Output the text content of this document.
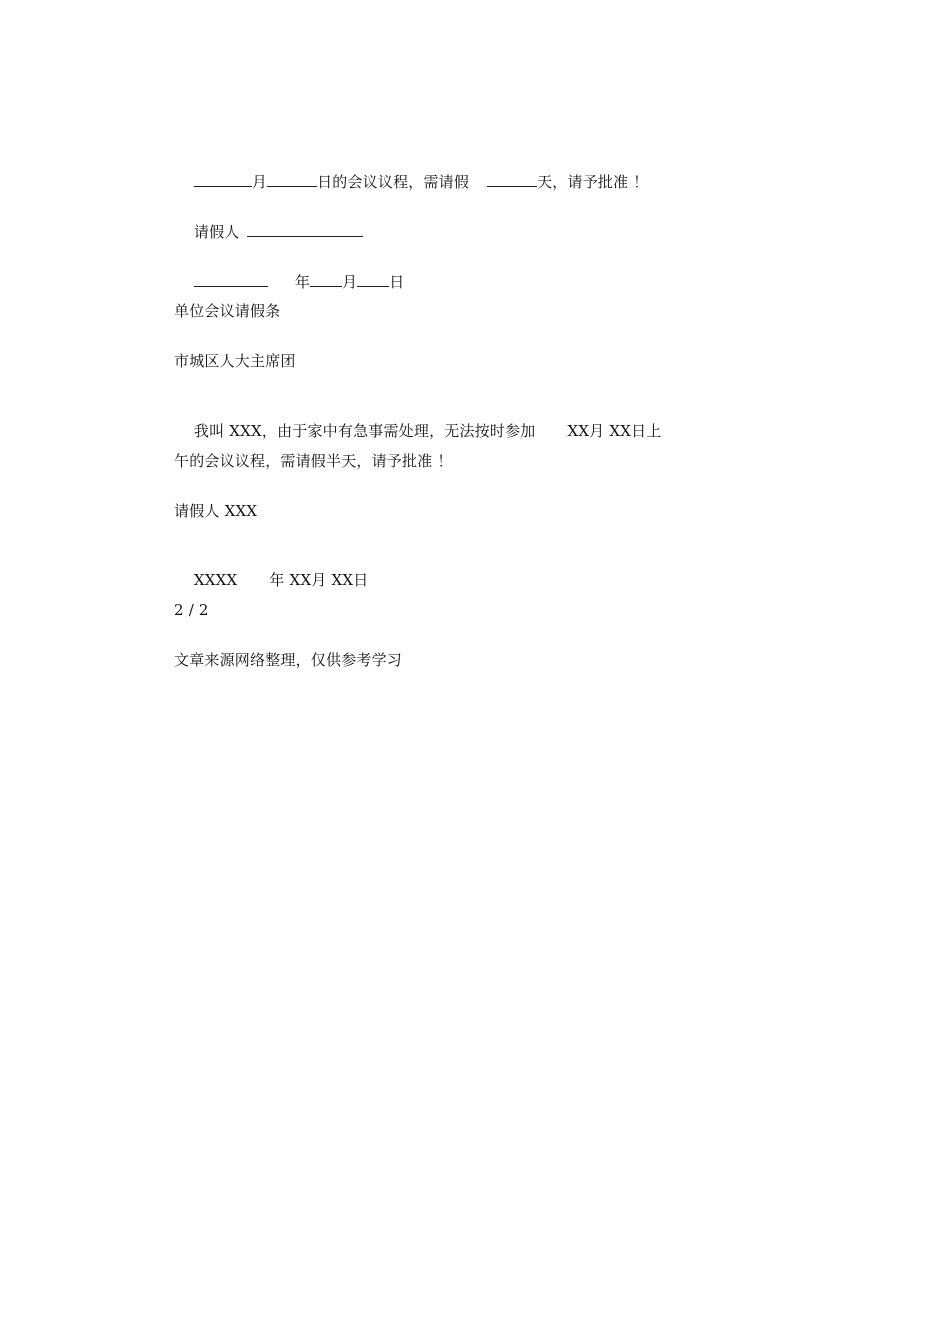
月	日的会议议程，需请假	天，请予批准 ！

请假人

年 月 日

单位会议请假条
市城区人大主席团

我叫 XXX，由于家中有急事需处理，无法按时参加 XX月 XX日上

午的会议议程，需请假半天，请予批准 ！
请假人 XXX

XXXX 年 XX月 XX日

2 / 2
文章来源网络整理，仅供参考学习
